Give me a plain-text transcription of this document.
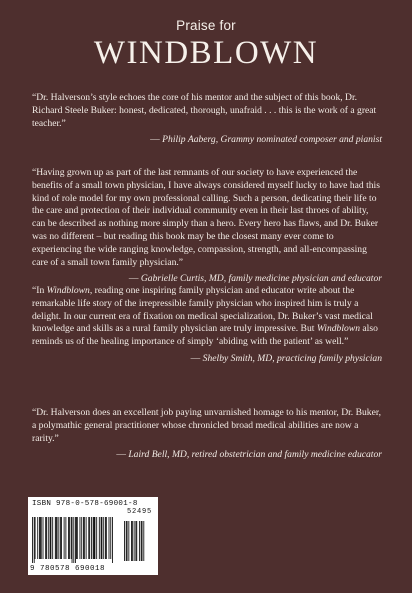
Praise for
WINDBLOWN

“Dr. Halverson’s style echoes the core of his mentor and the subject of this book, Dr. Richard Steele Buker: honest, dedicated, thorough, unafraid . . . this is the work of a great teacher.”

— Philip Aaberg, Grammy nominated composer and pianist

“Having grown up as part of the last remnants of our society to have experienced the benefits of a small town physician, I have always considered myself lucky to have had this kind of role model for my own professional calling. Such a person, dedicating their life to the care and protection of their individual community even in their last throes of ability, can be described as nothing more simply than a hero. Every hero has flaws, and Dr. Buker was no different – but reading this book may be the closest many ever come to experiencing the wide ranging knowledge, compassion, strength, and all-encompassing care of a small town family physician.”

— Gabrielle Curtis, MD, family medicine physician and educator

“In Windblown, reading one inspiring family physician and educator write about the remarkable life story of the irrepressible family physician who inspired him is truly a delight. In our current era of fixation on medical specialization, Dr. Buker’s vast medical knowledge and skills as a rural family physician are truly impressive. But Windblown also reminds us of the healing importance of simply ‘abiding with the patient’ as well.”

— Shelby Smith, MD, practicing family physician

“Dr. Halverson does an excellent job paying unvarnished homage to his mentor, Dr. Buker, a polymathic general practitioner whose chronicled broad medical abilities are now a rarity.”

— Laird Bell, MD, retired obstetrician and family medicine educator
ISBN 978-0-578-69001-8
52495
9 780578 690018
